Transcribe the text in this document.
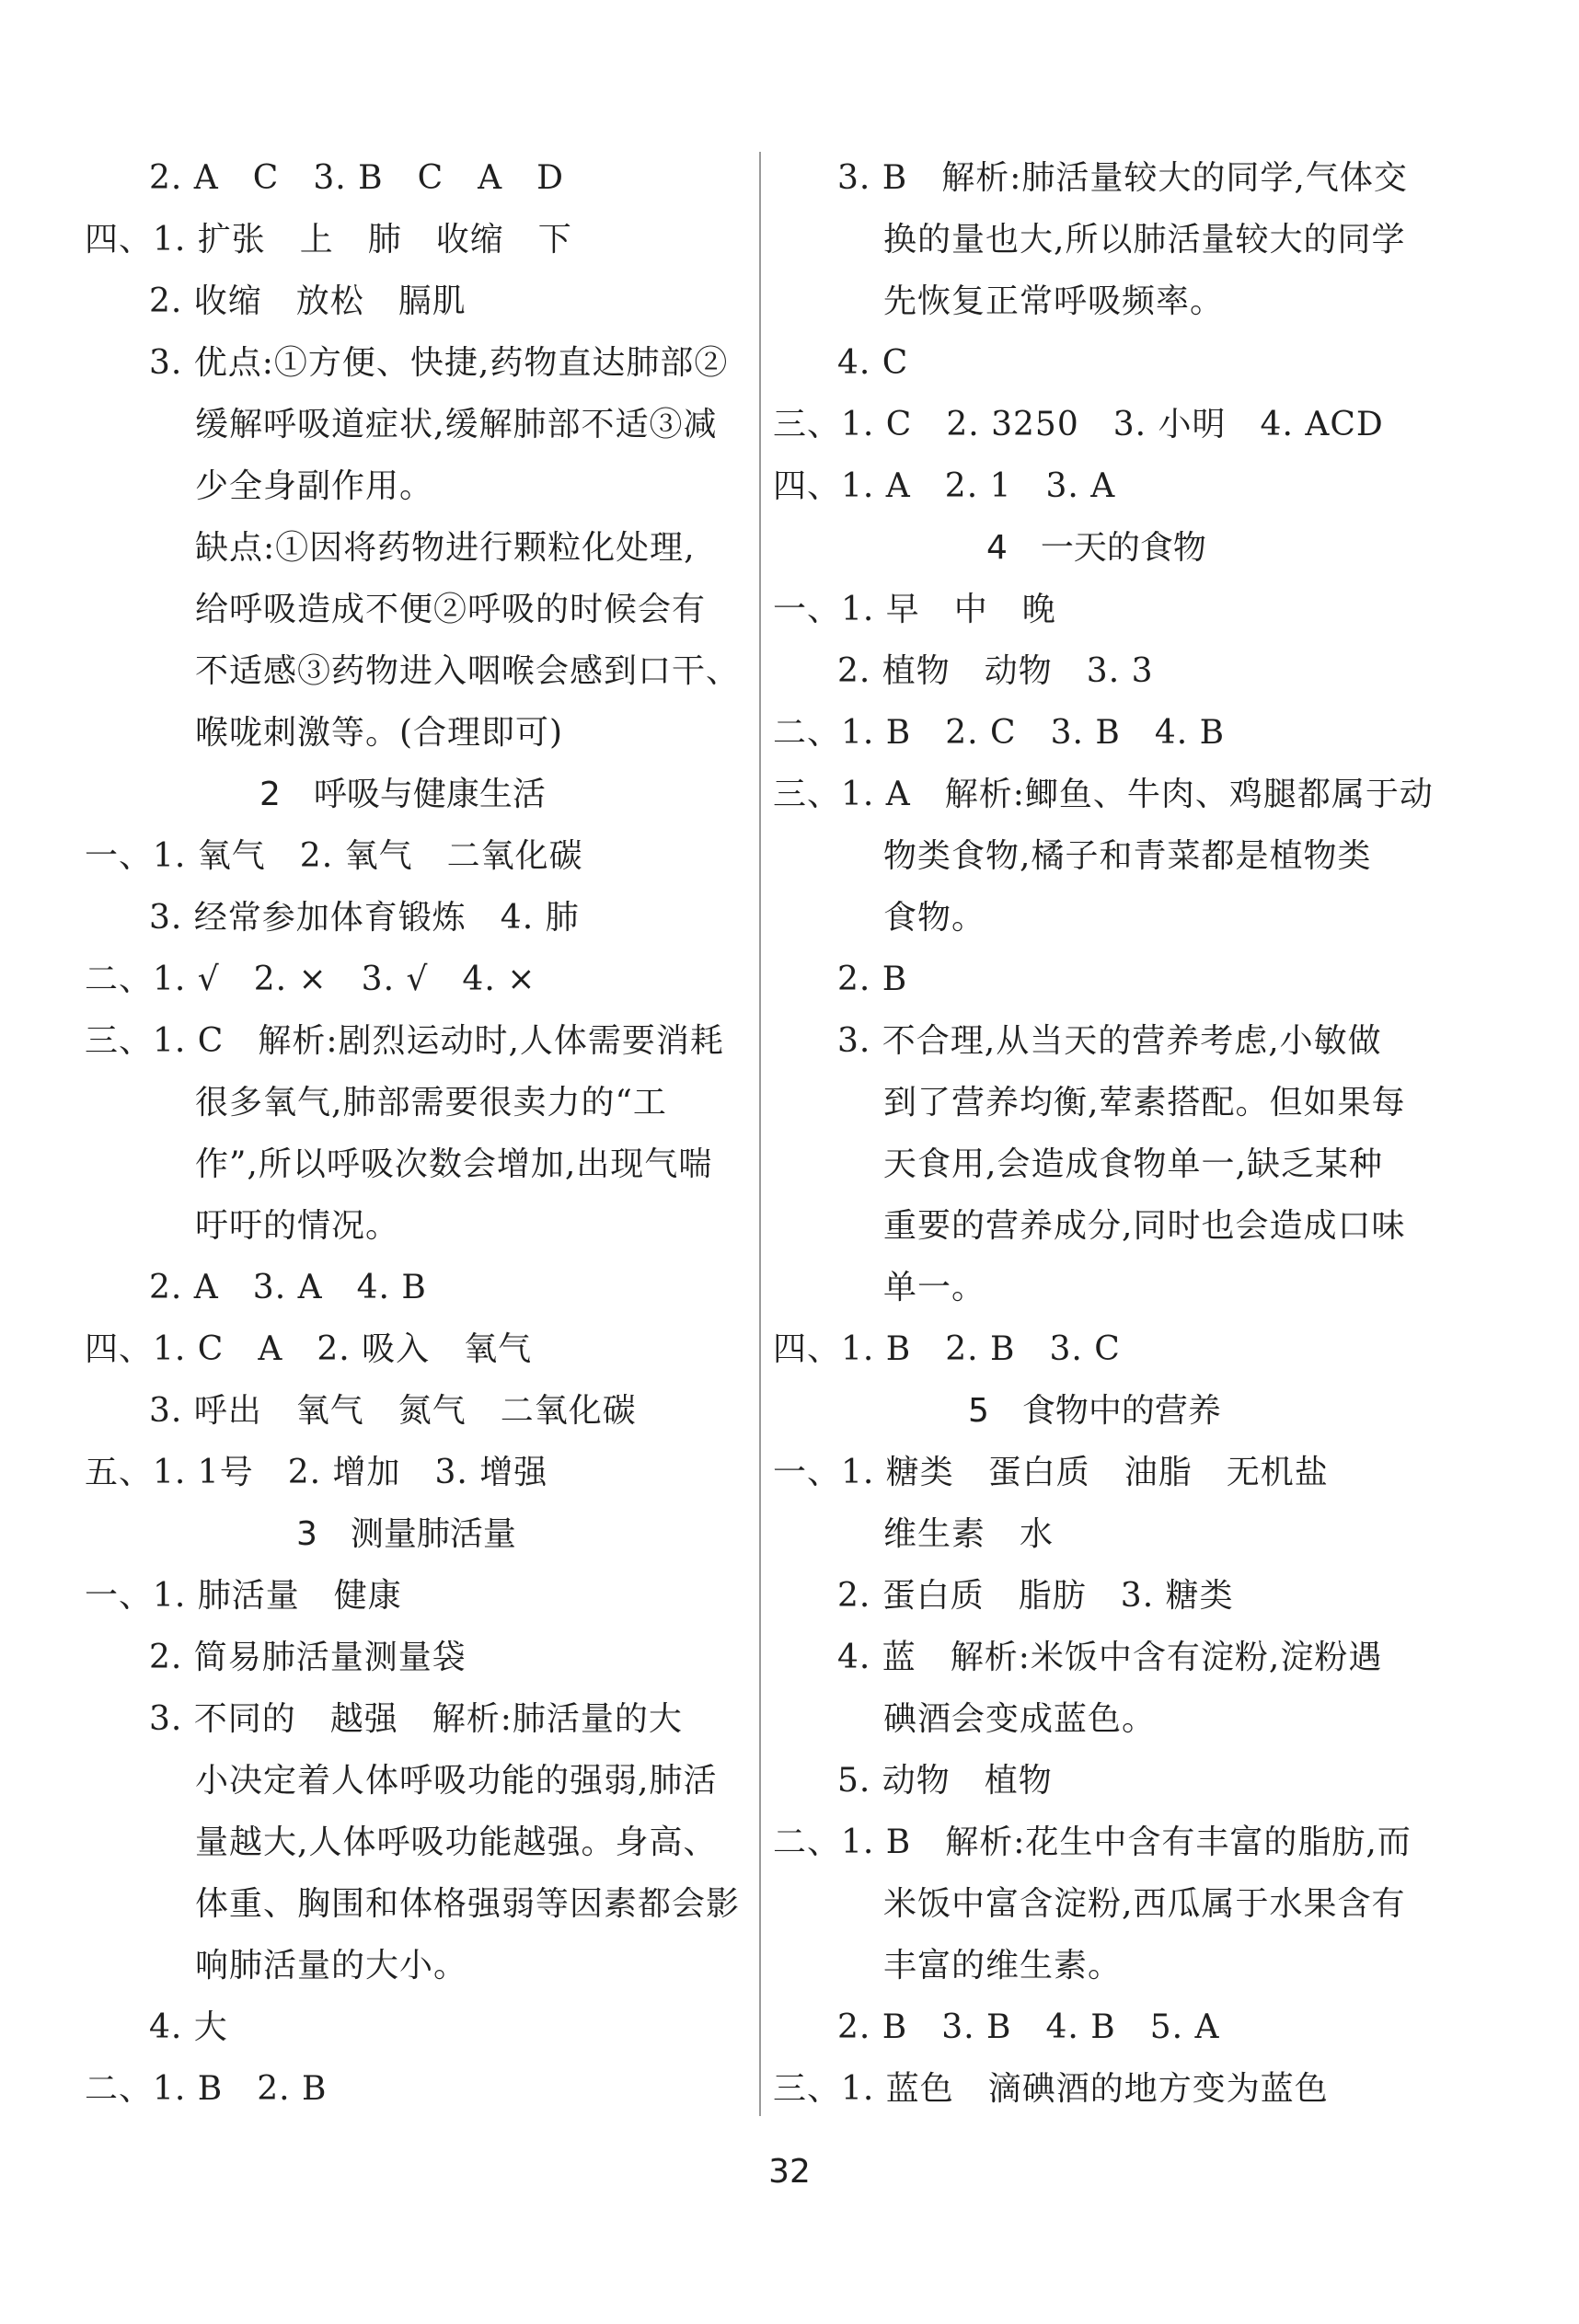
2. A　C　3. B　C　A　D
四、1. 扩张　上　肺　收缩　下
2. 收缩　放松　膈肌
3. 优点:①方便、快捷,药物直达肺部②
缓解呼吸道症状,缓解肺部不适③减
少全身副作用。
缺点:①因将药物进行颗粒化处理,
给呼吸造成不便②呼吸的时候会有
不适感③药物进入咽喉会感到口干、
喉咙刺激等。(合理即可)
2　呼吸与健康生活
一、1. 氧气　2. 氧气　二氧化碳
3. 经常参加体育锻炼　4. 肺
二、1. √　2. ×　3. √　4. ×
三、1. C　解析:剧烈运动时,人体需要消耗
很多氧气,肺部需要很卖力的“工
作”,所以呼吸次数会增加,出现气喘
吁吁的情况。
2. A　3. A　4. B
四、1. C　A　2. 吸入　氧气
3. 呼出　氧气　氮气　二氧化碳
五、1. 1号　2. 增加　3. 增强
3　测量肺活量
一、1. 肺活量　健康
2. 简易肺活量测量袋
3. 不同的　越强　解析:肺活量的大
小决定着人体呼吸功能的强弱,肺活
量越大,人体呼吸功能越强。身高、
体重、胸围和体格强弱等因素都会影
响肺活量的大小。
4. 大
二、1. B　2. B
3. B　解析:肺活量较大的同学,气体交
换的量也大,所以肺活量较大的同学
先恢复正常呼吸频率。
4. C
三、1. C　2. 3250　3. 小明　4. ACD
四、1. A　2. 1　3. A
4　一天的食物
一、1. 早　中　晚
2. 植物　动物　3. 3
二、1. B　2. C　3. B　4. B
三、1. A　解析:鲫鱼、牛肉、鸡腿都属于动
物类食物,橘子和青菜都是植物类
食物。
2. B
3. 不合理,从当天的营养考虑,小敏做
到了营养均衡,荤素搭配。但如果每
天食用,会造成食物单一,缺乏某种
重要的营养成分,同时也会造成口味
单一。
四、1. B　2. B　3. C
5　食物中的营养
一、1. 糖类　蛋白质　油脂　无机盐
维生素　水
2. 蛋白质　脂肪　3. 糖类
4. 蓝　解析:米饭中含有淀粉,淀粉遇
碘酒会变成蓝色。
5. 动物　植物
二、1. B　解析:花生中含有丰富的脂肪,而
米饭中富含淀粉,西瓜属于水果含有
丰富的维生素。
2. B　3. B　4. B　5. A
三、1. 蓝色　滴碘酒的地方变为蓝色
32
